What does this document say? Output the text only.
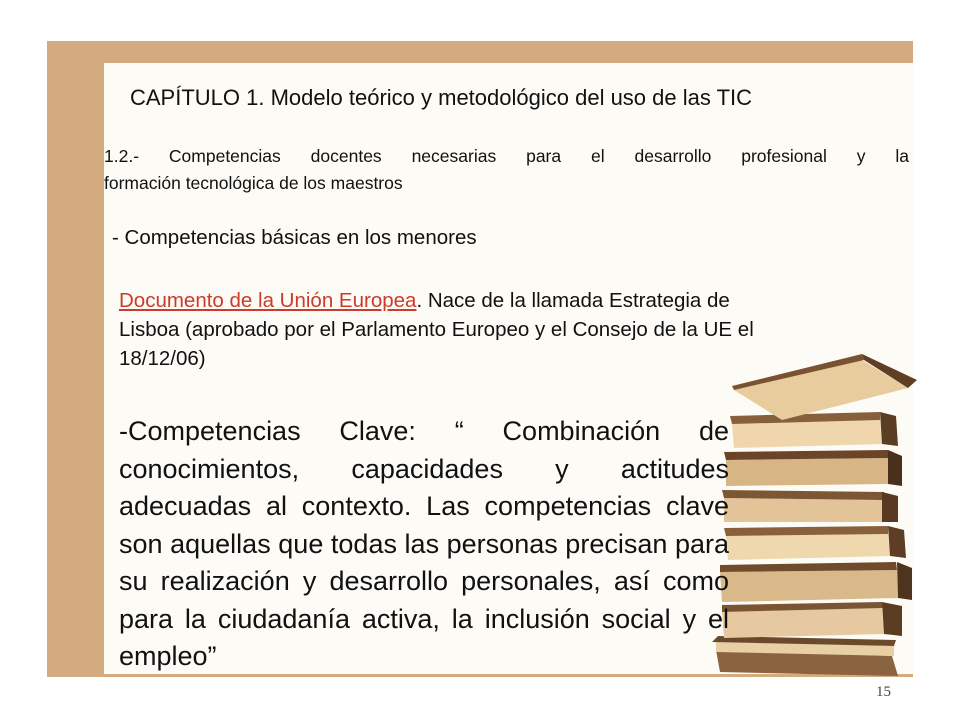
CAPÍTULO 1. Modelo teórico y metodológico del uso de las TIC
1.2.- Competencias docentes necesarias para el desarrollo profesional y la
formación tecnológica de los maestros
- Competencias básicas en los menores
Documento de la Unión Europea. Nace de la llamada Estrategia de Lisboa (aprobado por el Parlamento Europeo y el Consejo de la UE el 18/12/06)
-Competencias Clave: “ Combinación de conocimientos, capacidades y actitudes adecuadas al contexto. Las competencias clave son aquellas que todas las personas precisan para su realización y desarrollo personales, así como para la ciudadanía activa, la inclusión social y el empleo”
15
